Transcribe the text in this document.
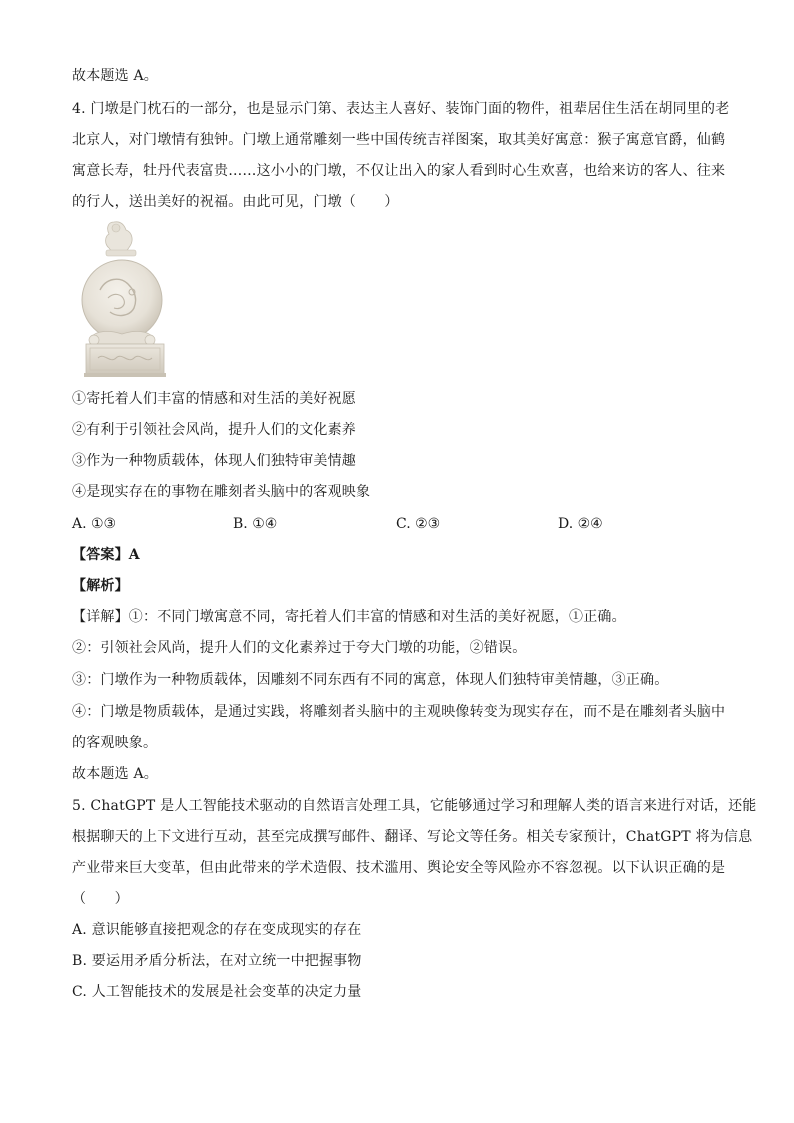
故本题选 A。
4. 门墩是门枕石的一部分，也是显示门第、表达主人喜好、装饰门面的物件，祖辈居住生活在胡同里的老
北京人，对门墩情有独钟。门墩上通常雕刻一些中国传统吉祥图案，取其美好寓意：猴子寓意官爵，仙鹤
寓意长寿，牡丹代表富贵……这小小的门墩，不仅让出入的家人看到时心生欢喜，也给来访的客人、往来
的行人，送出美好的祝福。由此可见，门墩（　　）
①寄托着人们丰富的情感和对生活的美好祝愿
②有利于引领社会风尚，提升人们的文化素养
③作为一种物质载体，体现人们独特审美情趣
④是现实存在的事物在雕刻者头脑中的客观映象
A. ①③	B. ①④	C. ②③	D. ②④
【答案】A
【解析】
【详解】①：不同门墩寓意不同，寄托着人们丰富的情感和对生活的美好祝愿，①正确。
②：引领社会风尚，提升人们的文化素养过于夸大门墩的功能，②错误。
③：门墩作为一种物质载体，因雕刻不同东西有不同的寓意，体现人们独特审美情趣，③正确。
④：门墩是物质载体，是通过实践，将雕刻者头脑中的主观映像转变为现实存在，而不是在雕刻者头脑中
的客观映象。
故本题选 A。
5. ChatGPT 是人工智能技术驱动的自然语言处理工具，它能够通过学习和理解人类的语言来进行对话，还能
根据聊天的上下文进行互动，甚至完成撰写邮件、翻译、写论文等任务。相关专家预计，ChatGPT 将为信息
产业带来巨大变革，但由此带来的学术造假、技术滥用、舆论安全等风险亦不容忽视。以下认识正确的是
（　　）
A. 意识能够直接把观念的存在变成现实的存在
B. 要运用矛盾分析法，在对立统一中把握事物
C. 人工智能技术的发展是社会变革的决定力量
